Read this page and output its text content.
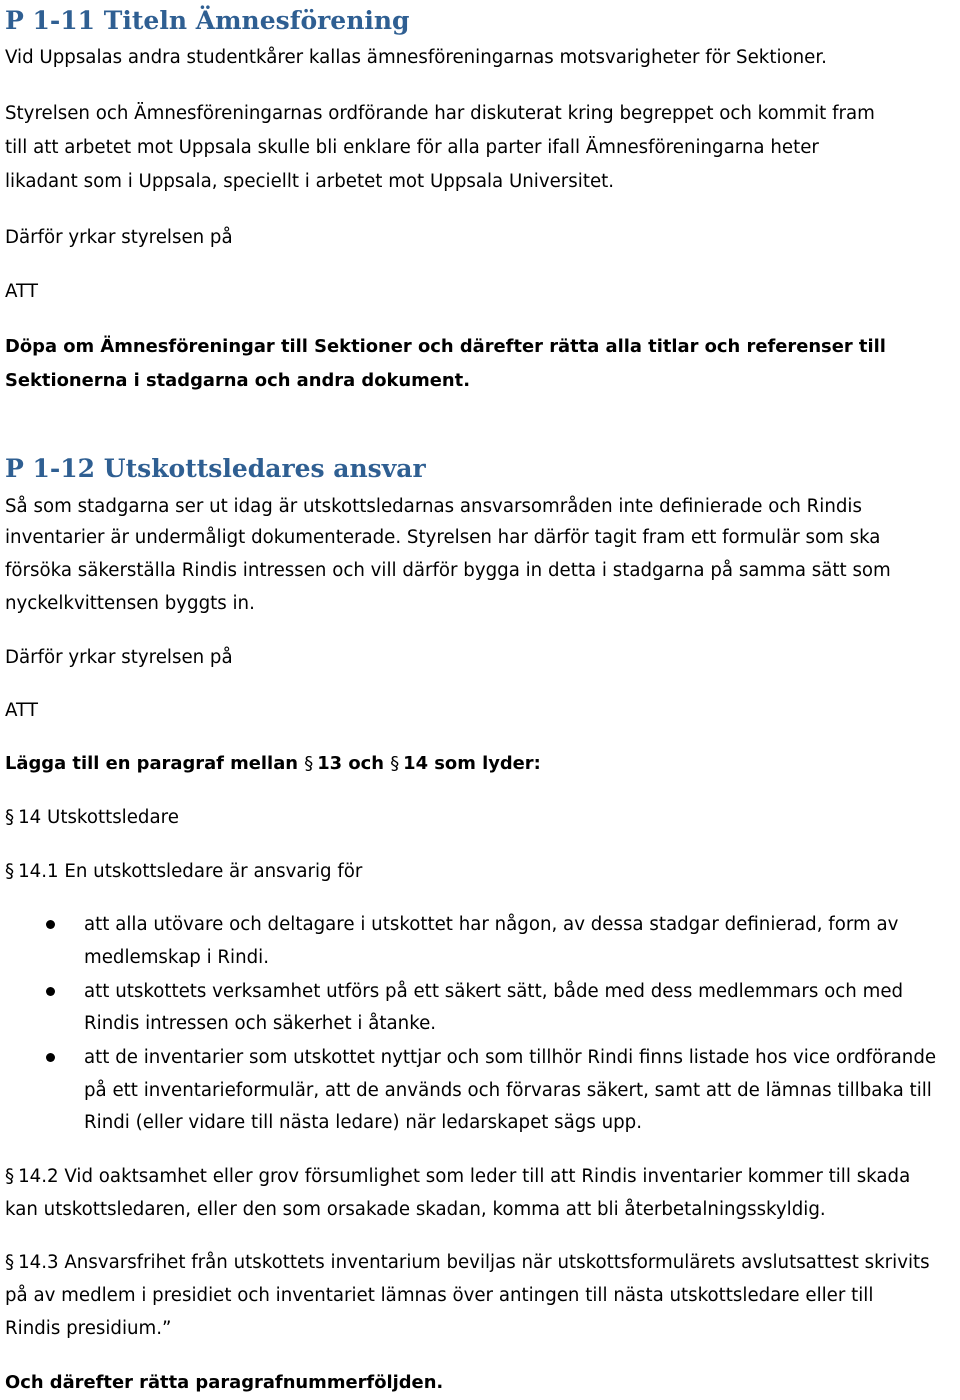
P 1-11 Titeln Ämnesförening
Vid Uppsalas andra studentkårer kallas ämnesföreningarnas motsvarigheter för Sektioner.
Styrelsen och Ämnesföreningarnas ordförande har diskuterat kring begreppet och kommit fram
till att arbetet mot Uppsala skulle bli enklare för alla parter ifall Ämnesföreningarna heter
likadant som i Uppsala, speciellt i arbetet mot Uppsala Universitet.
Därför yrkar styrelsen på
ATT
Döpa om Ämnesföreningar till Sektioner och därefter rätta alla titlar och referenser till
Sektionerna i stadgarna och andra dokument.
P 1-12 Utskottsledares ansvar
Så som stadgarna ser ut idag är utskottsledarnas ansvarsområden inte definierade och Rindis
inventarier är undermåligt dokumenterade. Styrelsen har därför tagit fram ett formulär som ska
försöka säkerställa Rindis intressen och vill därför bygga in detta i stadgarna på samma sätt som
nyckelkvittensen byggts in.
Därför yrkar styrelsen på
ATT
Lägga till en paragraf mellan § 13 och § 14 som lyder:
§ 14 Utskottsledare
§ 14.1 En utskottsledare är ansvarig för
att alla utövare och deltagare i utskottet har någon, av dessa stadgar definierad, form av medlemskap i Rindi.
att utskottets verksamhet utförs på ett säkert sätt, både med dess medlemmars och med Rindis intressen och säkerhet i åtanke.
att de inventarier som utskottet nyttjar och som tillhör Rindi finns listade hos vice ordförande på ett inventarieformulär, att de används och förvaras säkert, samt att de lämnas tillbaka till Rindi (eller vidare till nästa ledare) när ledarskapet sägs upp.
§ 14.2 Vid oaktsamhet eller grov försumlighet som leder till att Rindis inventarier kommer till skada
kan utskottsledaren, eller den som orsakade skadan, komma att bli återbetalningsskyldig.
§ 14.3 Ansvarsfrihet från utskottets inventarium beviljas när utskottsformulärets avslutsattest skrivits
på av medlem i presidiet och inventariet lämnas över antingen till nästa utskottsledare eller till
Rindis presidium.”
Och därefter rätta paragrafnummerföljden.
